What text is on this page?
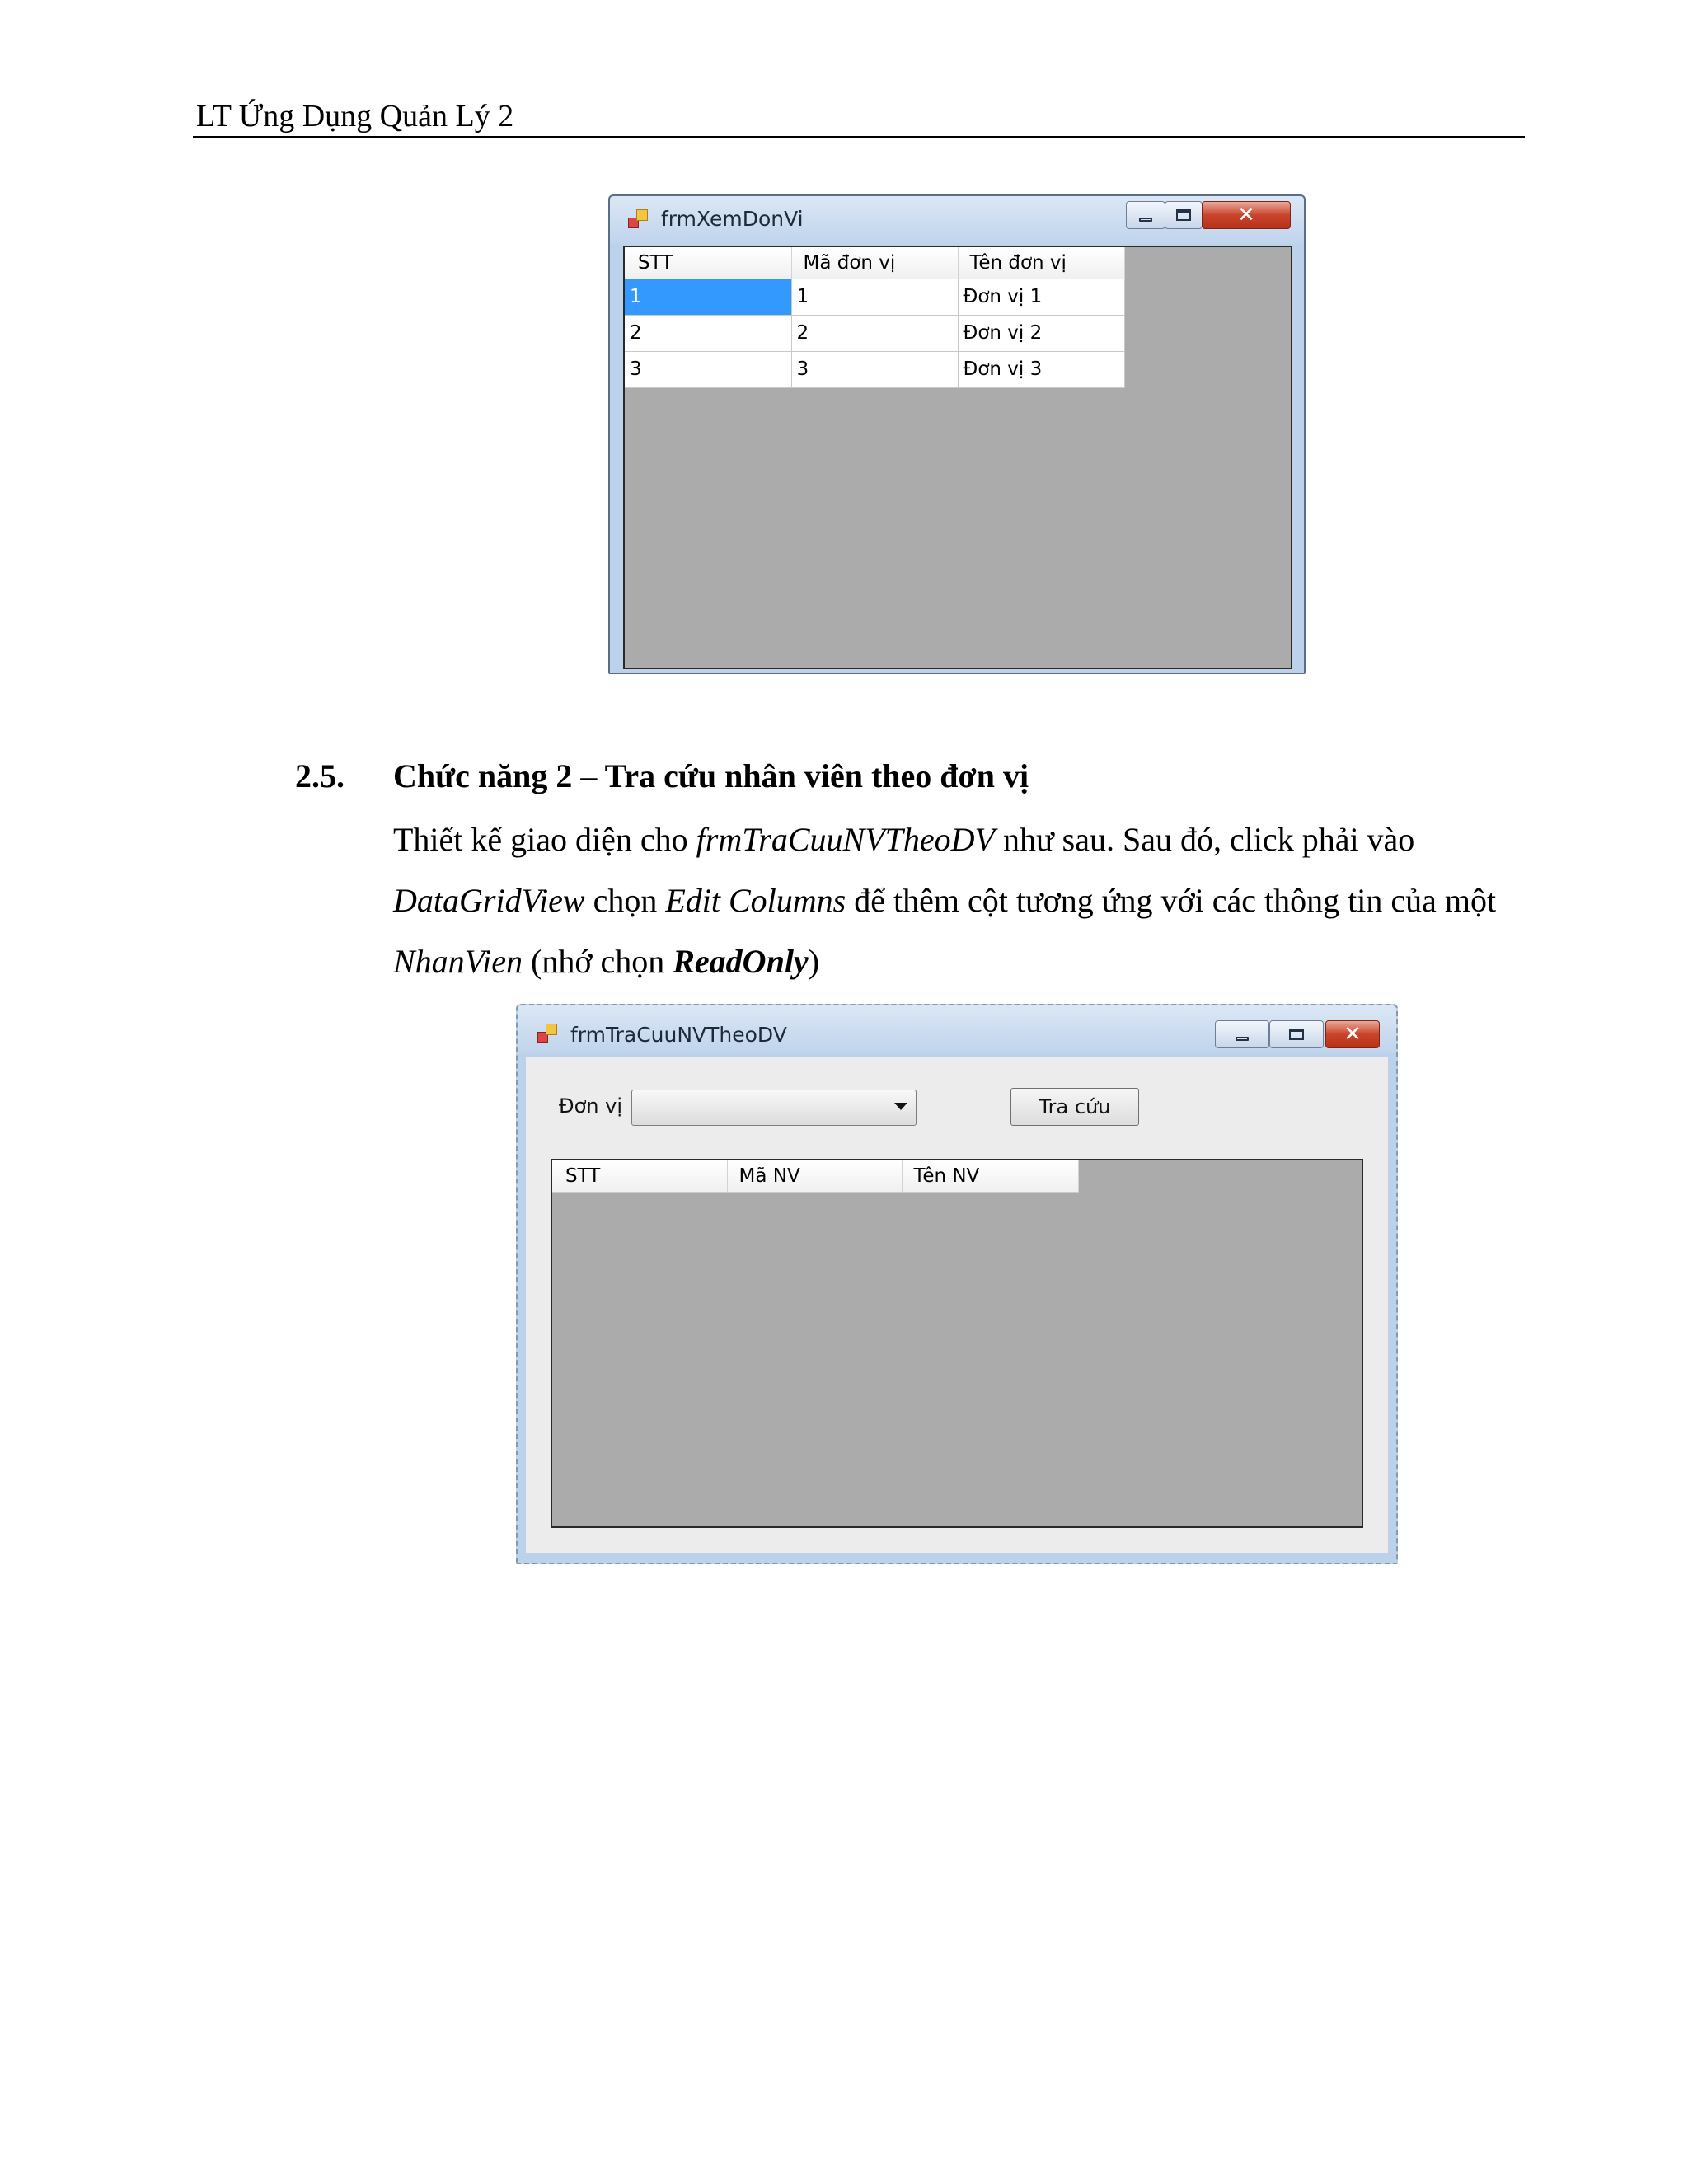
LT Ứng Dụng Quản Lý 2
frmXemDonVi	✕
STT	Mã đơn vị	Tên đơn vị
1	1	Đơn vị 1
2	2	Đơn vị 2
3	3	Đơn vị 3
2.5. Chức năng 2 – Tra cứu nhân viên theo đơn vị
Thiết kế giao diện cho frmTraCuuNVTheoDV như sau. Sau đó, click phải vào DataGridView chọn Edit Columns để thêm cột tương ứng với các thông tin của một NhanVien (nhớ chọn ReadOnly)
frmTraCuuNVTheoDV	✕
Đơn vị	Tra cứu
STT	Mã NV	Tên NV
